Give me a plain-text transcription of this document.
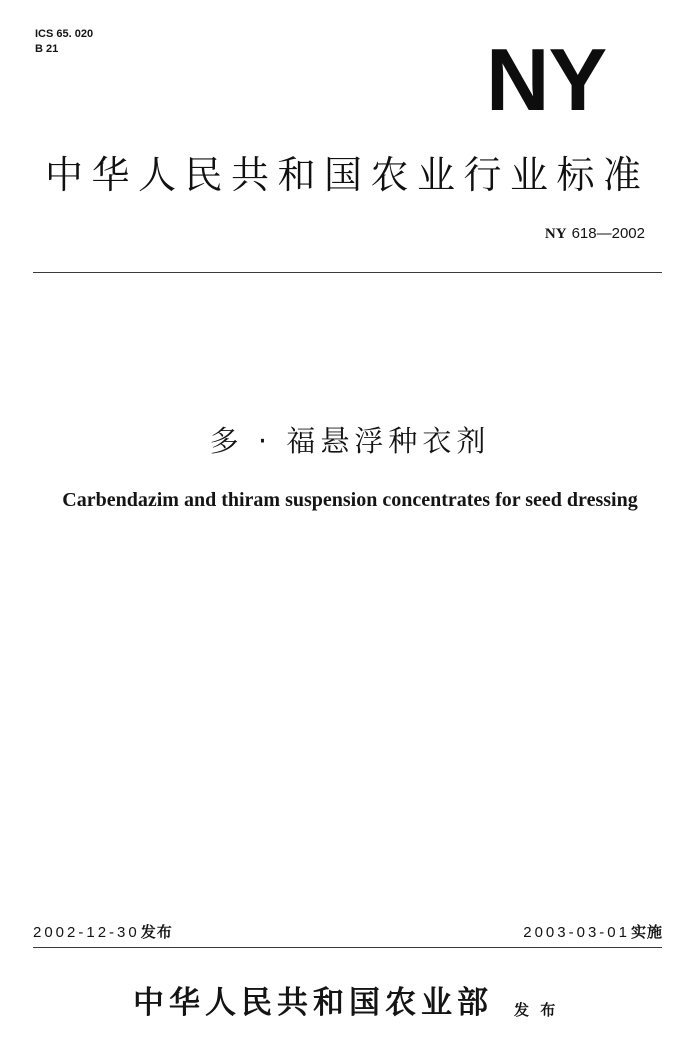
ICS 65. 020
B 21	NY
中华人民共和国农业行业标准
NY 618—2002
多 · 福悬浮种衣剂
Carbendazim and thiram suspension concentrates for seed dressing
2002-12-30发布	2003-03-01实施
中华人民共和国农业部 发 布
